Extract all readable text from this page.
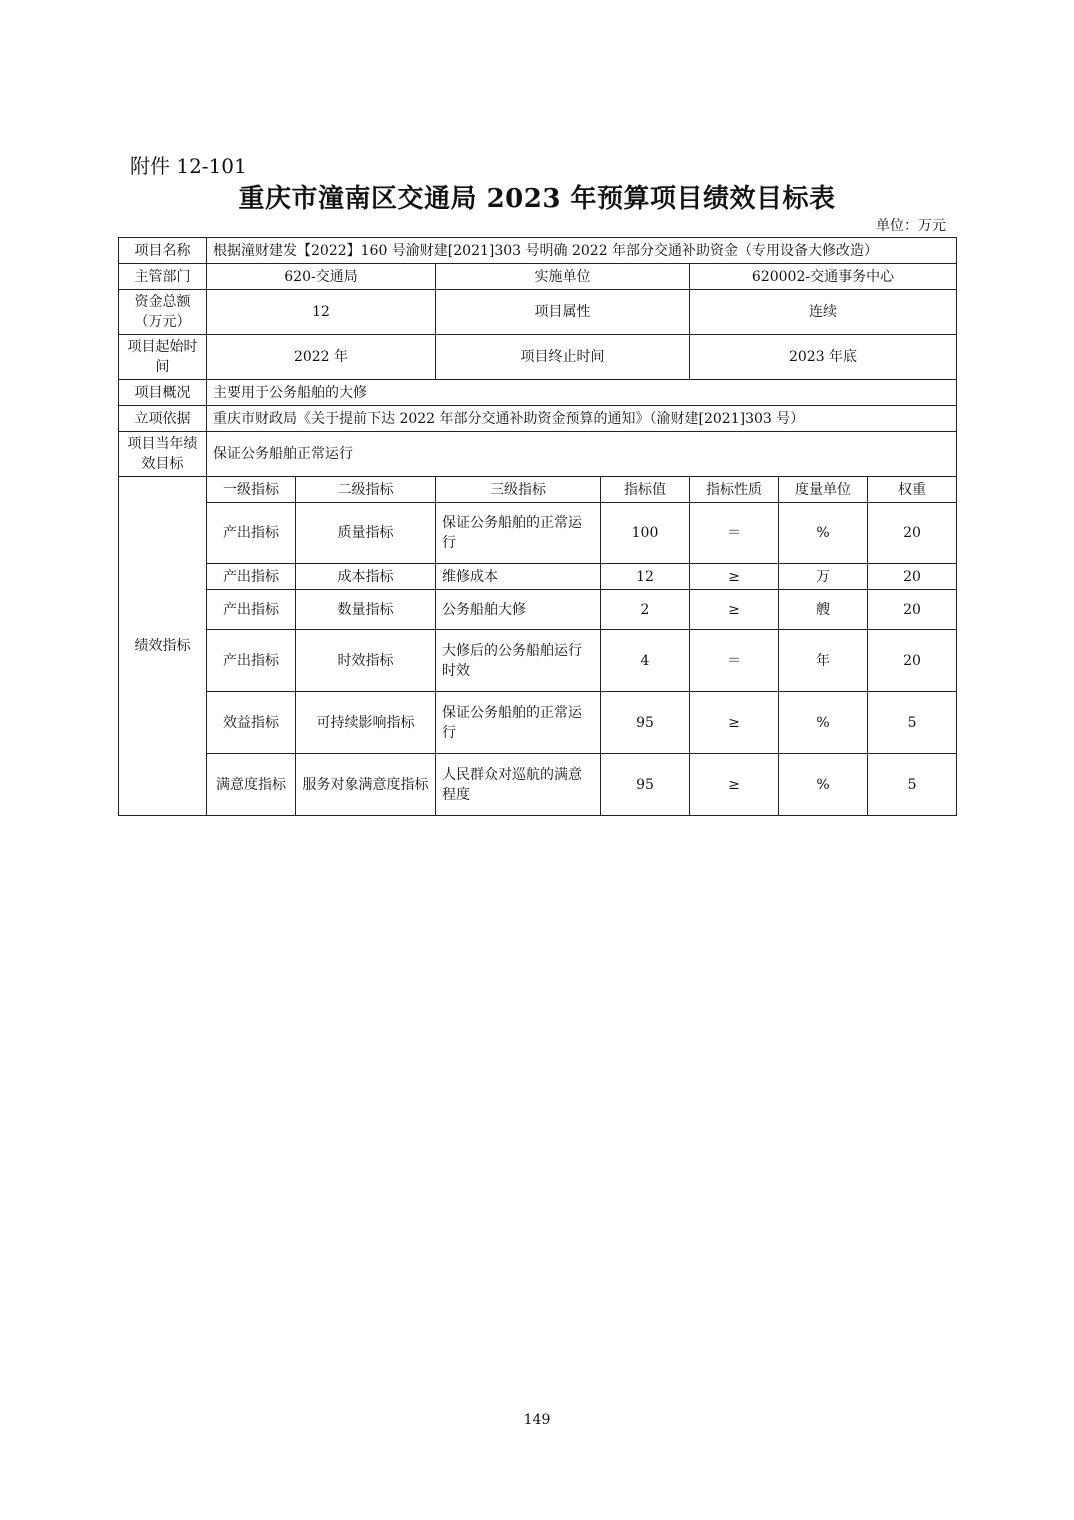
附件 12-101
重庆市潼南区交通局 2023 年预算项目绩效目标表
单位：万元
项目名称	根据潼财建发【2022】160 号渝财建[2021]303 号明确 2022 年部分交通补助资金（专用设备大修改造）						
主管部门	620-交通局		实施单位		620002-交通事务中心		
资金总额（万元）	12		项目属性		连续		
项目起始时间	2022 年		项目终止时间		2023 年底		
项目概况	主要用于公务船舶的大修						
立项依据	重庆市财政局《关于提前下达 2022 年部分交通补助资金预算的通知》（渝财建[2021]303 号）						
项目当年绩效目标	保证公务船舶正常运行						
绩效指标	一级指标	二级指标	三级指标	指标值	指标性质	度量单位	权重
	产出指标	质量指标	保证公务船舶的正常运行	100	＝	%	20
	产出指标	成本指标	维修成本	12	≥	万	20
	产出指标	数量指标	公务船舶大修	2	≥	艘	20
	产出指标	时效指标	大修后的公务船舶运行时效	4	＝	年	20
	效益指标	可持续影响指标	保证公务船舶的正常运行	95	≥	%	5
	满意度指标	服务对象满意度指标	人民群众对巡航的满意程度	95	≥	%	5
149
